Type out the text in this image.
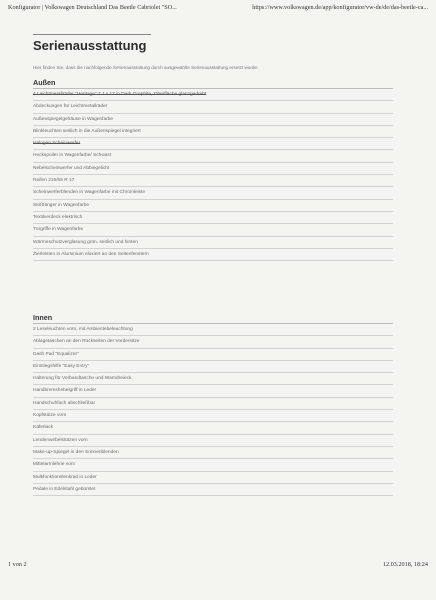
Konfigurator | Volkswagen Deutschland Das Beetle Cabriolet "SO...	https://www.volkswagen.de/app/konfigurator/vw-de/de/das-beetle-ca...
Serienausstattung
Hier finden Sie, dass die nachfolgende Serienausstattung durch ausgewählte Serienausstattung ersetzt wurde.
Außen
4 Leichtmetallräder "Heritage" 7 J x 17 in Dark Graphite, Oberfläche glanzgedreht
Abdeckungen für Leichtmetallräder
Außenspiegelgehäuse in Wagenfarbe
Blinkleuchten seitlich in die Außenspiegel integriert
Halogen Scheinwerfer
Heckspoiler in Wagenfarbe/ Schwarz
Nebelscheinwerfer und Abbiegelicht
Reifen 215/55 R 17
Scheinwerferblenden in Wagenfarbe mit Chromleiste
Stoßfänger in Wagenfarbe
Textilverdeck elektrisch
Türgriffe in Wagenfarbe
Wärmeschutzverglasung grün, seitlich und hinten
Zierleisten in Aluminium eloxiert an den Seitenfenstern
Innen
2 Leseleuchten vorn, mit Ambientebeleuchtung
Ablagetaschen an den Rückseiten der Vordersitze
Dash Pad "Equalizer"
Einstiegshilfe "Easy Entry"
Halterung für Verbandtasche und Warndreieck
Handbremshebelgriff in Leder
Handschuhfach abschließbar
Kopfstütze vorn
Käferlack
Lendenwirbelstützen vorn
Make-up-Spiegel in den Sonnenblenden
Mittelarmlehne vorn
Multifunktionslenkrad in Leder
Pedale in Edelstahl gebürstet
1 von 2	12.03.2018, 18:24
